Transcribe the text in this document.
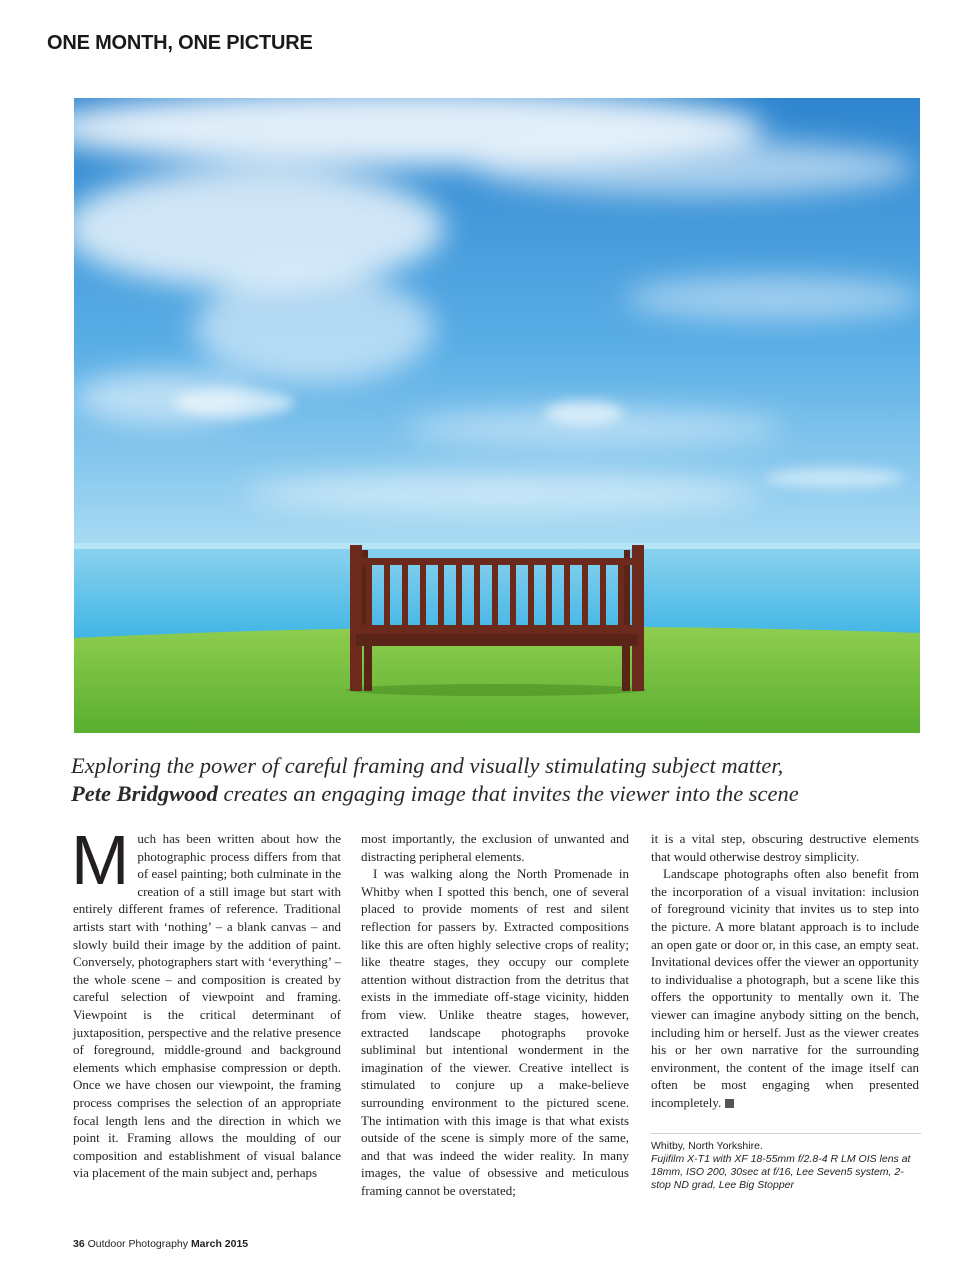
ONE MONTH, ONE PICTURE

Exploring the power of careful framing and visually stimulating subject matter,
Pete Bridgwood creates an engaging image that invites the viewer into the scene

M uch has been written about how the photographic process differs from that of easel painting; both culminate in the creation of a still image but start with entirely different frames of reference. Traditional artists start with ‘nothing’ – a blank canvas – and slowly build their image by the addition of paint. Conversely, photographers start with ‘everything’ – the whole scene – and composition is created by careful selection of viewpoint and framing. Viewpoint is the critical determinant of juxtaposition, perspective and the relative presence of foreground, middle-ground and background elements which emphasise compression or depth. Once we have chosen our viewpoint, the framing process comprises the selection of an appropriate focal length lens and the direction in which we point it. Framing allows the moulding of our composition and establishment of visual balance via placement of the main subject and, perhaps

most importantly, the exclusion of unwanted and distracting peripheral elements.

I was walking along the North Promenade in Whitby when I spotted this bench, one of several placed to provide moments of rest and silent reflection for passers by. Extracted compositions like this are often highly selective crops of reality; like theatre stages, they occupy our complete attention without distraction from the detritus that exists in the immediate off-stage vicinity, hidden from view. Unlike theatre stages, however, extracted landscape photographs provoke subliminal but intentional wonderment in the imagination of the viewer. Creative intellect is stimulated to conjure up a make-believe surrounding environment to the pictured scene. The intimation with this image is that what exists outside of the scene is simply more of the same, and that was indeed the wider reality. In many images, the value of obsessive and meticulous framing cannot be overstated;

it is a vital step, obscuring destructive elements that would otherwise destroy simplicity.

Landscape photographs often also benefit from the incorporation of a visual invitation: inclusion of foreground vicinity that invites us to step into the picture. A more blatant approach is to include an open gate or door or, in this case, an empty seat. Invitational devices offer the viewer an opportunity to individualise a photograph, but a scene like this offers the opportunity to mentally own it. The viewer can imagine anybody sitting on the bench, including him or herself. Just as the viewer creates his or her own narrative for the surrounding environment, the content of the image itself can often be most engaging when presented incompletely.

Whitby, North Yorkshire.
Fujifilm X-T1 with XF 18-55mm f/2.8-4 R LM OIS lens at 18mm, ISO 200, 30sec at f/16, Lee Seven5 system, 2-stop ND grad, Lee Big Stopper
36 Outdoor Photography March 2015
